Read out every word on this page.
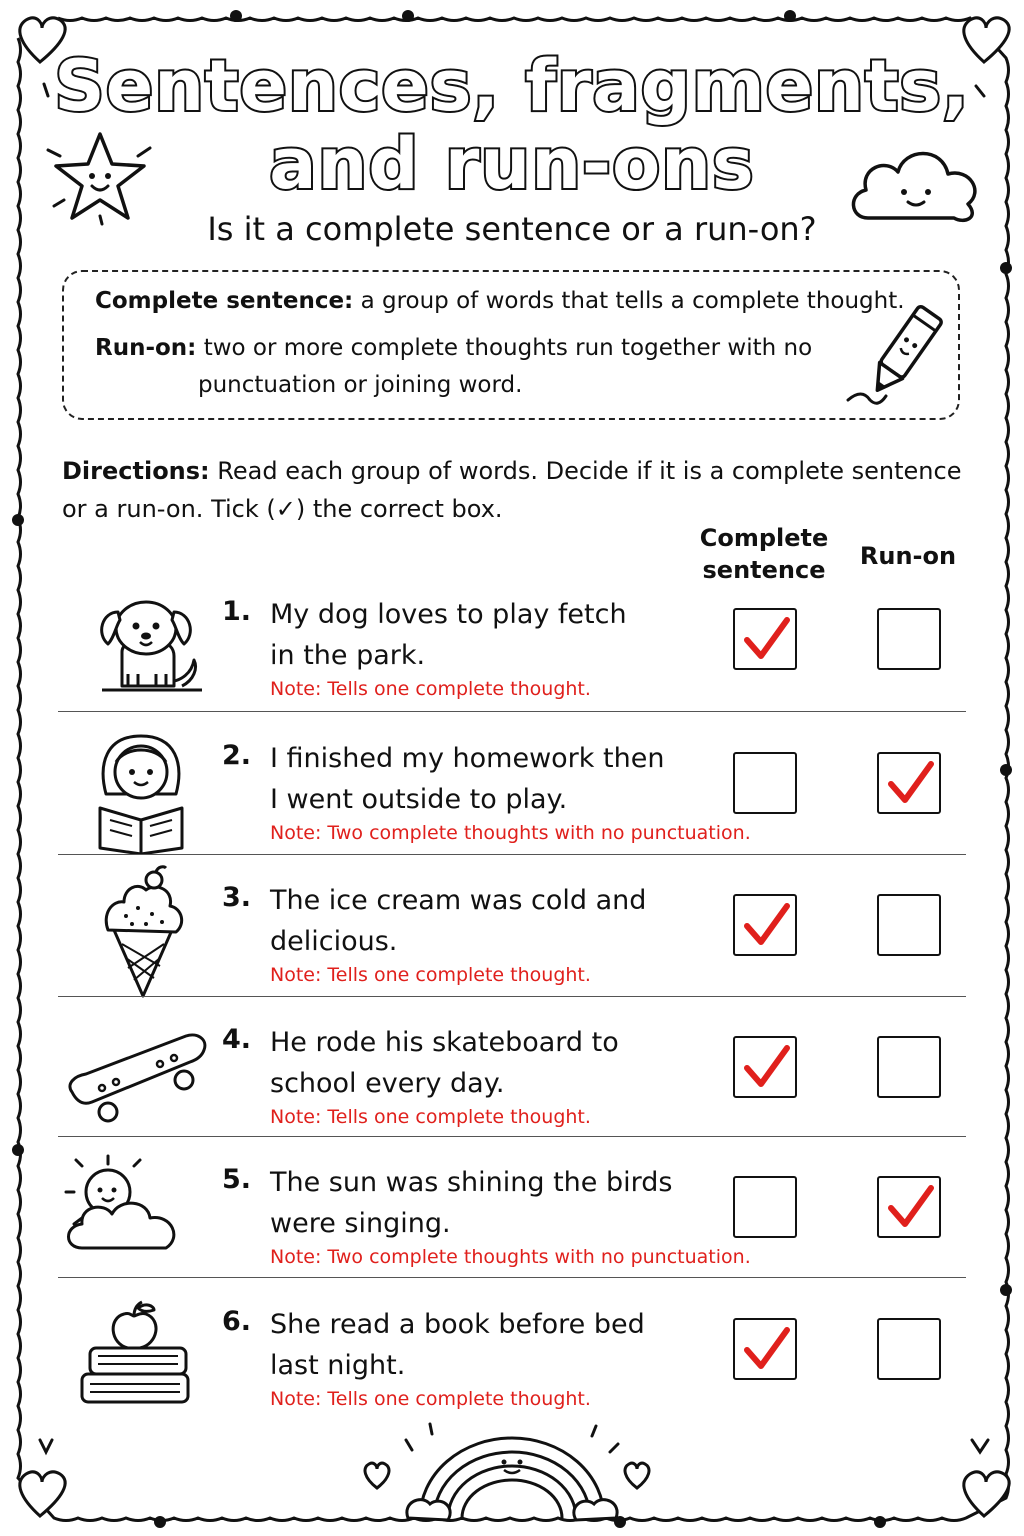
Sentences, fragments,
and run-ons
Is it a complete sentence or a run-on?
Complete sentence: a group of words that tells a complete thought.
Run-on: two or more complete thoughts run together with no
punctuation or joining word.
Directions: Read each group of words. Decide if it is a complete sentence
or a run-on. Tick (✓) the correct box.
Complete
sentence	Run-on
1. My dog loves to play fetch
in the park.
Note: Tells one complete thought.
2. I finished my homework then
I went outside to play.
Note: Two complete thoughts with no punctuation.
3. The ice cream was cold and
delicious.
Note: Tells one complete thought.
4. He rode his skateboard to
school every day.
Note: Tells one complete thought.
5. The sun was shining the birds
were singing.
Note: Two complete thoughts with no punctuation.
6. She read a book before bed
last night.
Note: Tells one complete thought.
